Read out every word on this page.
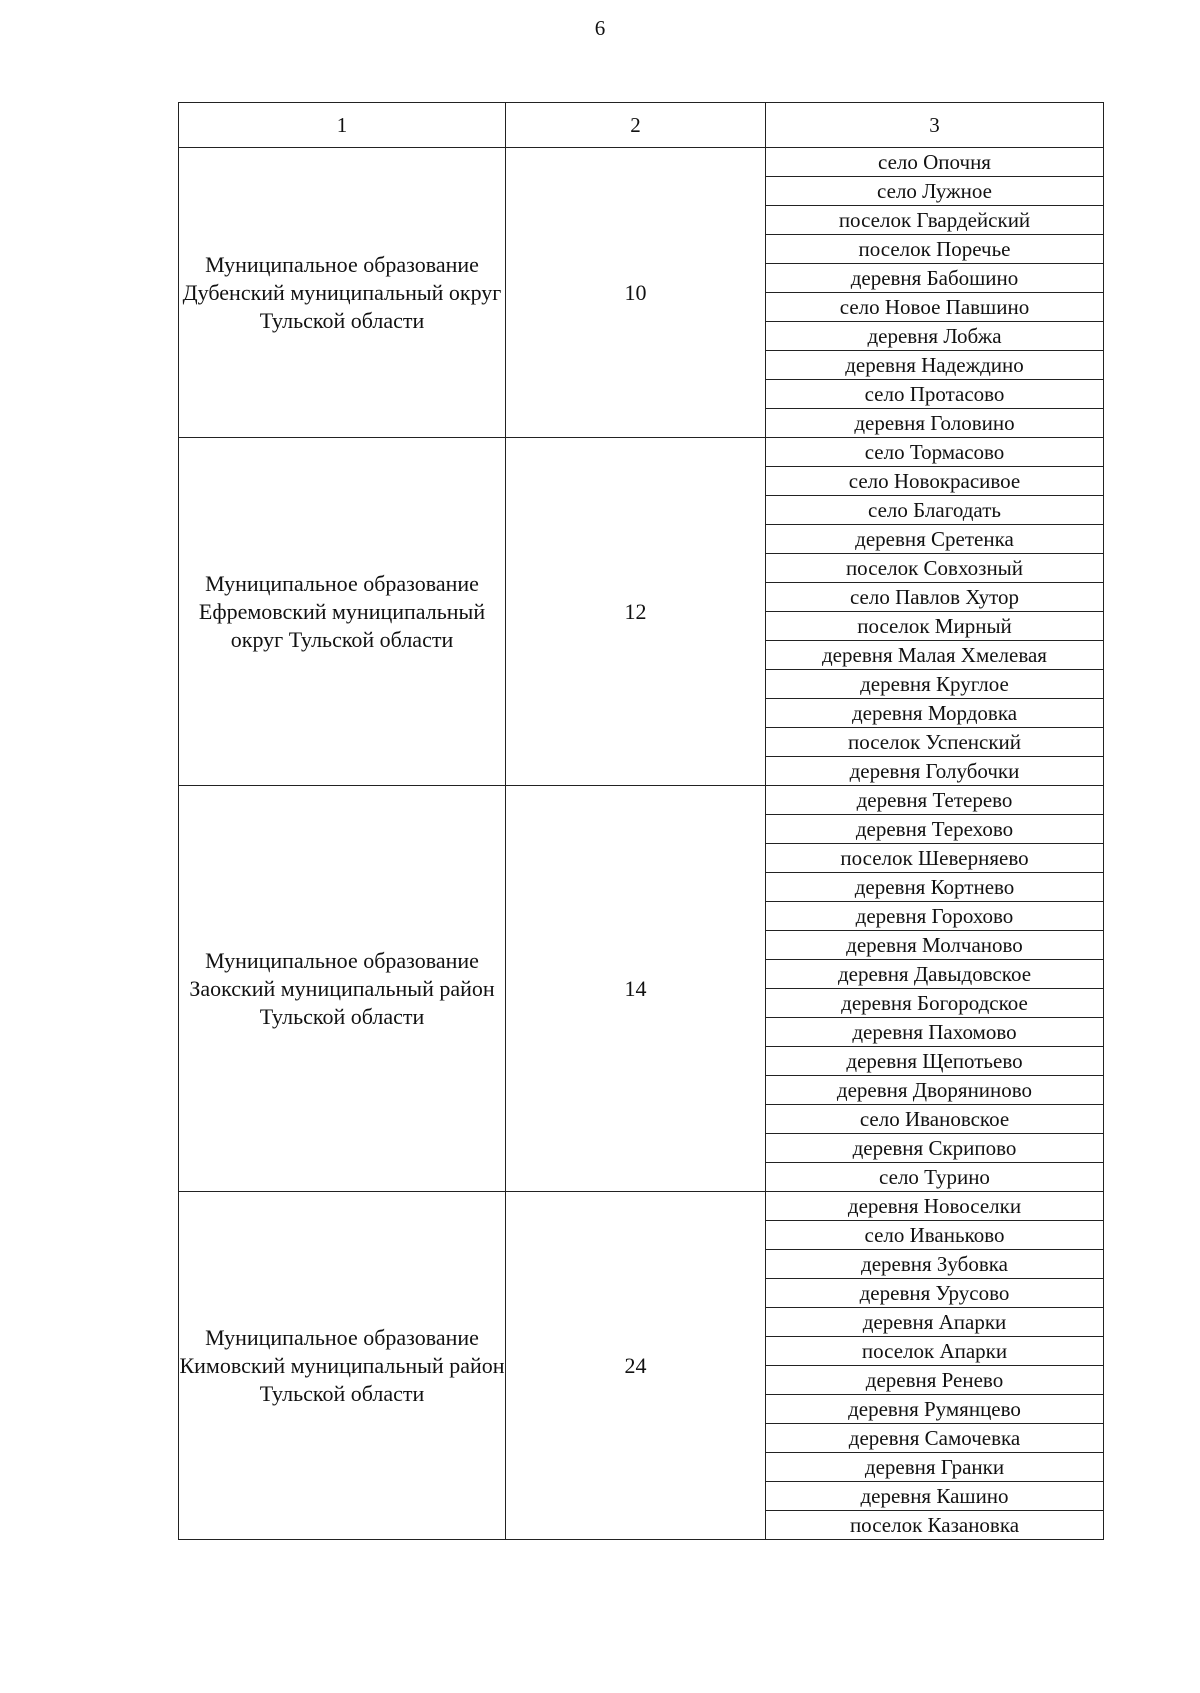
6
1	2	3
Муниципальное образование Дубенский муниципальный округ Тульской области	10	село Опочня
		село Лужное
		поселок Гвардейский
		поселок Поречье
		деревня Бабошино
		село Новое Павшино
		деревня Лобжа
		деревня Надеждино
		село Протасово
		деревня Головино
Муниципальное образование Ефремовский муниципальный округ Тульской области	12	село Тормасово
		село Новокрасивое
		село Благодать
		деревня Сретенка
		поселок Совхозный
		село Павлов Хутор
		поселок Мирный
		деревня Малая Хмелевая
		деревня Круглое
		деревня Мордовка
		поселок Успенский
		деревня Голубочки
Муниципальное образование Заокский муниципальный район Тульской области	14	деревня Тетерево
		деревня Терехово
		поселок Шеверняево
		деревня Кортнево
		деревня Горохово
		деревня Молчаново
		деревня Давыдовское
		деревня Богородское
		деревня Пахомово
		деревня Щепотьево
		деревня Дворяниново
		село Ивановское
		деревня Скрипово
		село Турино
Муниципальное образование Кимовский муниципальный район Тульской области	24	деревня Новоселки
		село Иваньково
		деревня Зубовка
		деревня Урусово
		деревня Апарки
		поселок Апарки
		деревня Ренево
		деревня Румянцево
		деревня Самочевка
		деревня Гранки
		деревня Кашино
		поселок Казановка
